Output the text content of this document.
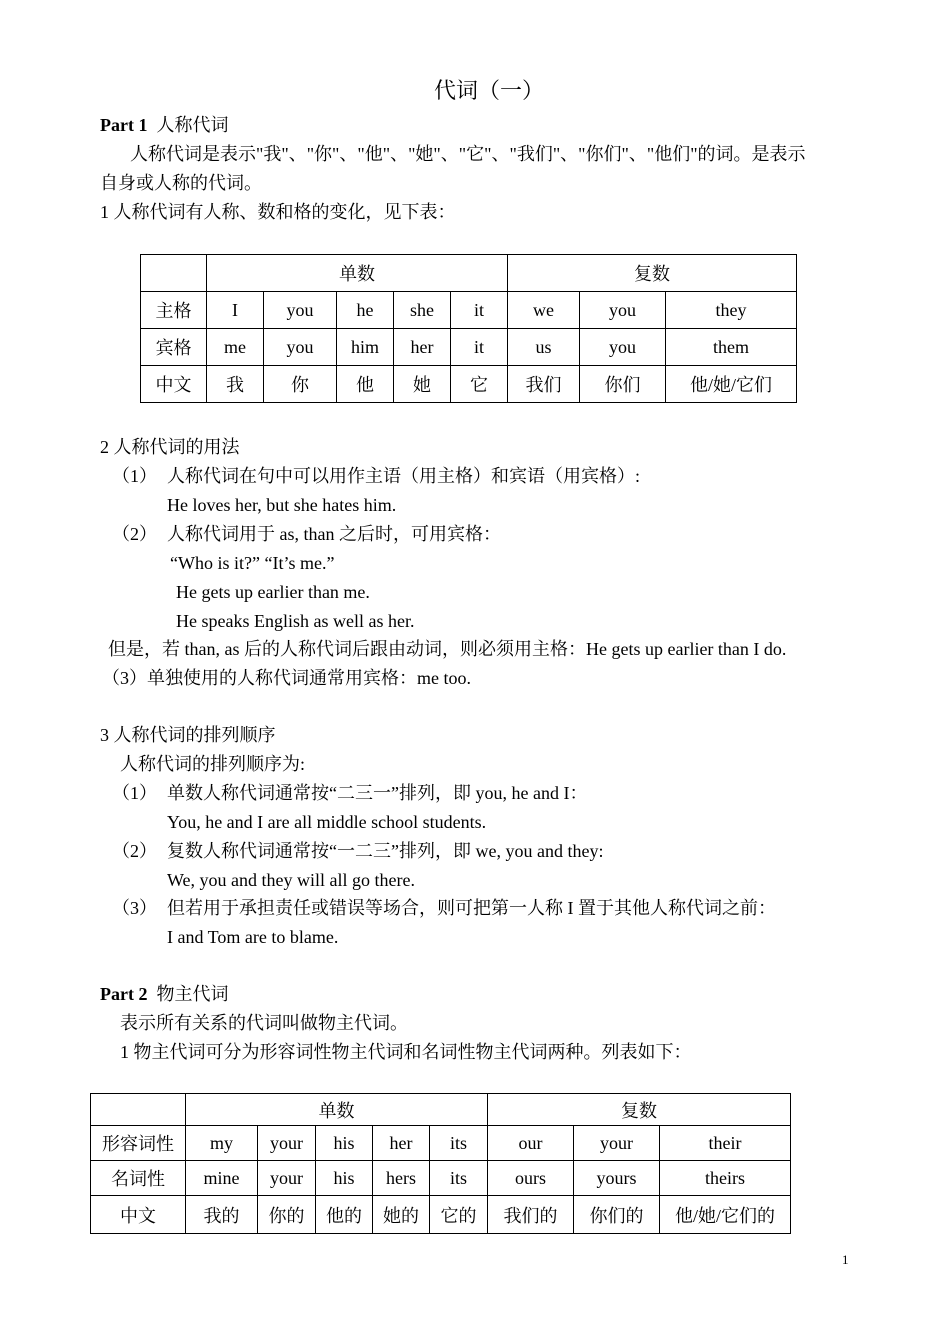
代词（一）
Part 1 人称代词
人称代词是表示"我"、"你"、"他"、"她"、"它"、"我们"、"你们"、"他们"的词。是表示
自身或人称的代词。
1 人称代词有人称、数和格的变化，见下表：
	单数					复数		
主格	I	you	he	she	it	we	you	they
宾格	me	you	him	her	it	us	you	them
中文	我	你	他	她	它	我们	你们	他/她/它们
2 人称代词的用法
（1） 人称代词在句中可以用作主语（用主格）和宾语（用宾格）:
He loves her, but she hates him.
（2） 人称代词用于 as, than 之后时，可用宾格：
“Who is it?” “It’s me.”
He gets up earlier than me.
He speaks English as well as her.
但是，若 than, as 后的人称代词后跟由动词，则必须用主格：He gets up earlier than I do.
（3）单独使用的人称代词通常用宾格：me too.
3 人称代词的排列顺序
人称代词的排列顺序为:
（1） 单数人称代词通常按“二三一”排列，即 you, he and I：
You, he and I are all middle school students.
（2） 复数人称代词通常按“一二三”排列，即 we, you and they:
We, you and they will all go there.
（3） 但若用于承担责任或错误等场合，则可把第一人称 I 置于其他人称代词之前：
I and Tom are to blame.
Part 2 物主代词
表示所有关系的代词叫做物主代词。
1 物主代词可分为形容词性物主代词和名词性物主代词两种。列表如下：
	单数					复数		
形容词性	my	your	his	her	its	our	your	their
名词性	mine	your	his	hers	its	ours	yours	theirs
中文	我的	你的	他的	她的	它的	我们的	你们的	他/她/它们的
1
